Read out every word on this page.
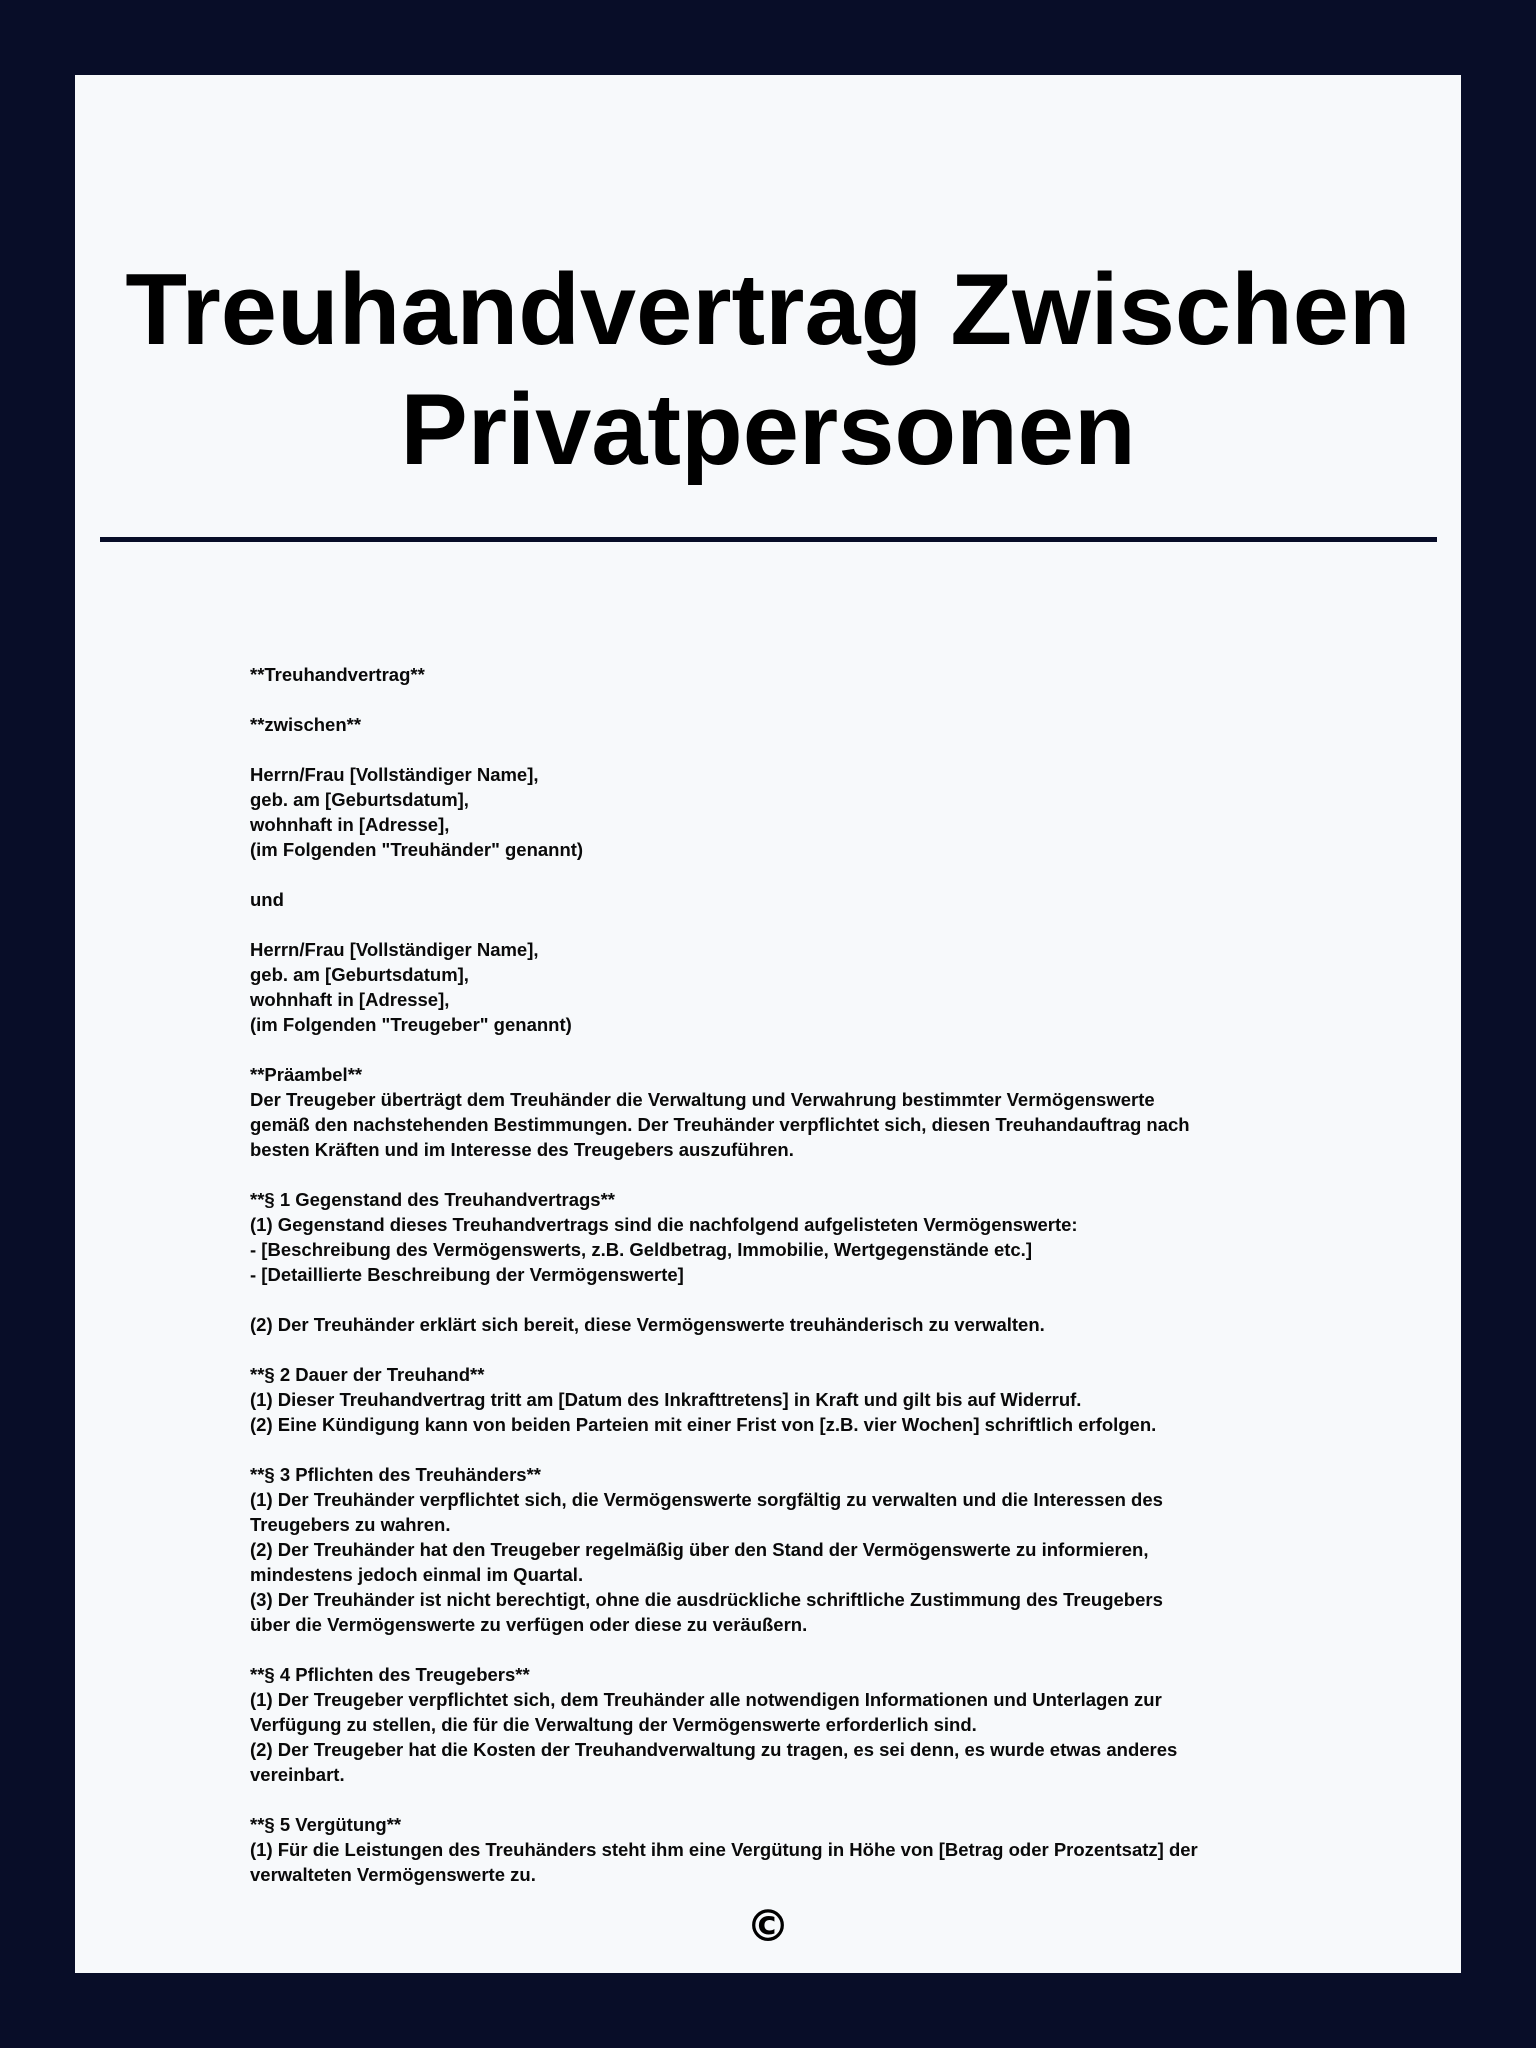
Treuhandvertrag Zwischen
Privatpersonen
**Treuhandvertrag**
**zwischen**
Herrn/Frau [Vollständiger Name],
geb. am [Geburtsdatum],
wohnhaft in [Adresse],
(im Folgenden "Treuhänder" genannt)
und
Herrn/Frau [Vollständiger Name],
geb. am [Geburtsdatum],
wohnhaft in [Adresse],
(im Folgenden "Treugeber" genannt)
**Präambel**
Der Treugeber überträgt dem Treuhänder die Verwaltung und Verwahrung bestimmter Vermögenswerte
gemäß den nachstehenden Bestimmungen. Der Treuhänder verpflichtet sich, diesen Treuhandauftrag nach
besten Kräften und im Interesse des Treugebers auszuführen.
**§ 1 Gegenstand des Treuhandvertrags**
(1) Gegenstand dieses Treuhandvertrags sind die nachfolgend aufgelisteten Vermögenswerte:
- [Beschreibung des Vermögenswerts, z.B. Geldbetrag, Immobilie, Wertgegenstände etc.]
- [Detaillierte Beschreibung der Vermögenswerte]
(2) Der Treuhänder erklärt sich bereit, diese Vermögenswerte treuhänderisch zu verwalten.
**§ 2 Dauer der Treuhand**
(1) Dieser Treuhandvertrag tritt am [Datum des Inkrafttretens] in Kraft und gilt bis auf Widerruf.
(2) Eine Kündigung kann von beiden Parteien mit einer Frist von [z.B. vier Wochen] schriftlich erfolgen.
**§ 3 Pflichten des Treuhänders**
(1) Der Treuhänder verpflichtet sich, die Vermögenswerte sorgfältig zu verwalten und die Interessen des
Treugebers zu wahren.
(2) Der Treuhänder hat den Treugeber regelmäßig über den Stand der Vermögenswerte zu informieren,
mindestens jedoch einmal im Quartal.
(3) Der Treuhänder ist nicht berechtigt, ohne die ausdrückliche schriftliche Zustimmung des Treugebers
über die Vermögenswerte zu verfügen oder diese zu veräußern.
**§ 4 Pflichten des Treugebers**
(1) Der Treugeber verpflichtet sich, dem Treuhänder alle notwendigen Informationen und Unterlagen zur
Verfügung zu stellen, die für die Verwaltung der Vermögenswerte erforderlich sind.
(2) Der Treugeber hat die Kosten der Treuhandverwaltung zu tragen, es sei denn, es wurde etwas anderes
vereinbart.
**§ 5 Vergütung**
(1) Für die Leistungen des Treuhänders steht ihm eine Vergütung in Höhe von [Betrag oder Prozentsatz] der
verwalteten Vermögenswerte zu.
©
